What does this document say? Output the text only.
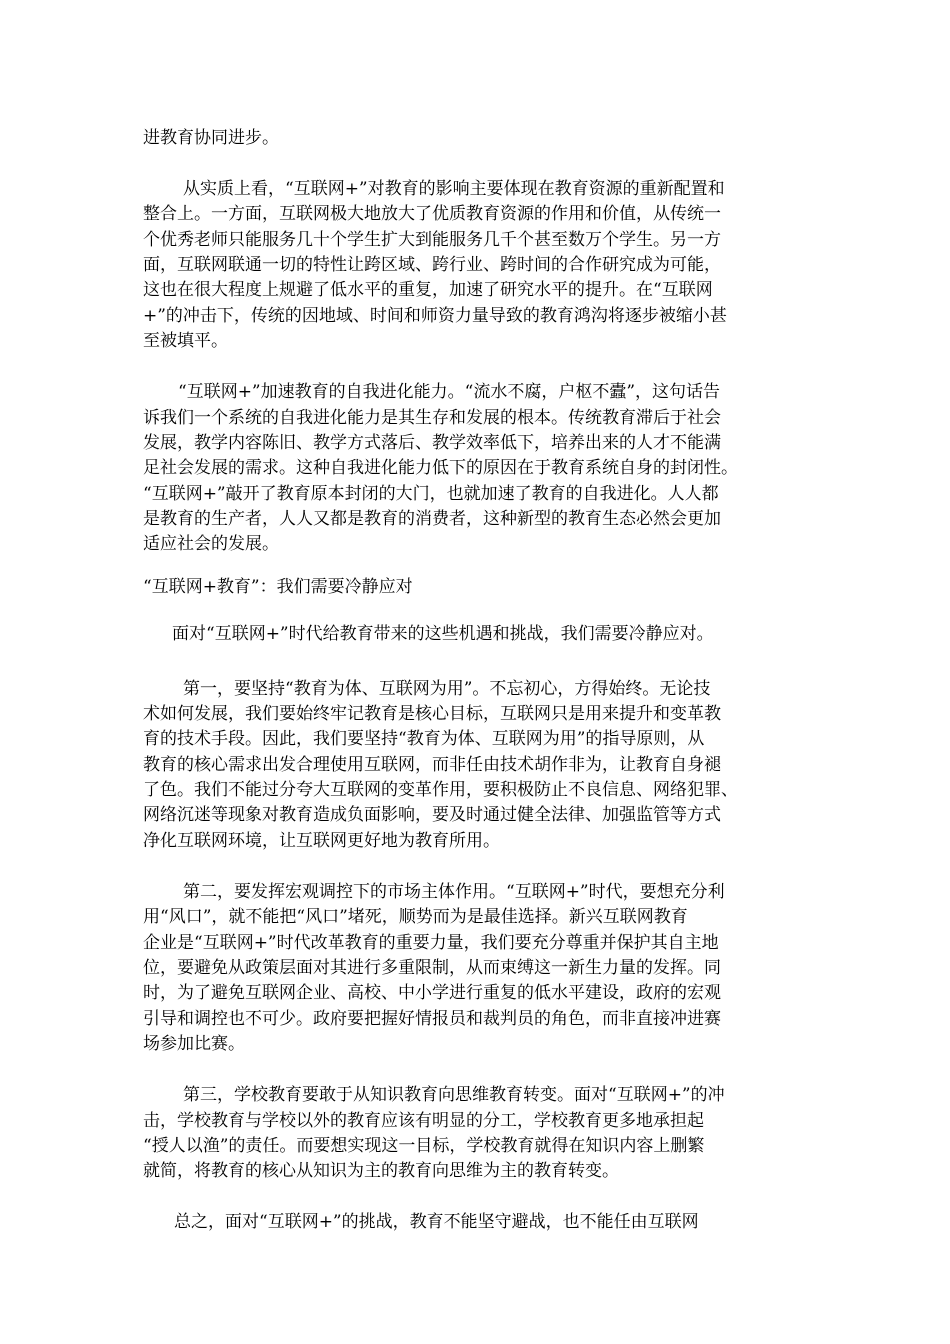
进教育协同进步。

从实质上看，“互联网+”对教育的影响主要体现在教育资源的重新配置和

整合上。一方面，互联网极大地放大了优质教育资源的作用和价值，从传统一

个优秀老师只能服务几十个学生扩大到能服务几千个甚至数万个学生。另一方

面，互联网联通一切的特性让跨区域、跨行业、跨时间的合作研究成为可能，

这也在很大程度上规避了低水平的重复，加速了研究水平的提升。在“互联网

+”的冲击下，传统的因地域、时间和师资力量导致的教育鸿沟将逐步被缩小甚

至被填平。

“互联网+”加速教育的自我进化能力。“流水不腐，户枢不蠹”，这句话告

诉我们一个系统的自我进化能力是其生存和发展的根本。传统教育滞后于社会

发展，教学内容陈旧、教学方式落后、教学效率低下，培养出来的人才不能满

足社会发展的需求。这种自我进化能力低下的原因在于教育系统自身的封闭性。

“互联网+”敲开了教育原本封闭的大门，也就加速了教育的自我进化。人人都

是教育的生产者，人人又都是教育的消费者，这种新型的教育生态必然会更加

适应社会的发展。

“互联网+教育”：我们需要冷静应对

面对“互联网+”时代给教育带来的这些机遇和挑战，我们需要冷静应对。

第一，要坚持“教育为体、互联网为用”。不忘初心，方得始终。无论技

术如何发展，我们要始终牢记教育是核心目标，互联网只是用来提升和变革教

育的技术手段。因此，我们要坚持“教育为体、互联网为用”的指导原则，从

教育的核心需求出发合理使用互联网，而非任由技术胡作非为，让教育自身褪

了色。我们不能过分夸大互联网的变革作用，要积极防止不良信息、网络犯罪、

网络沉迷等现象对教育造成负面影响，要及时通过健全法律、加强监管等方式

净化互联网环境，让互联网更好地为教育所用。

第二，要发挥宏观调控下的市场主体作用。“互联网+”时代，要想充分利

用“风口”，就不能把“风口”堵死，顺势而为是最佳选择。新兴互联网教育

企业是“互联网+”时代改革教育的重要力量，我们要充分尊重并保护其自主地

位，要避免从政策层面对其进行多重限制，从而束缚这一新生力量的发挥。同

时，为了避免互联网企业、高校、中小学进行重复的低水平建设，政府的宏观

引导和调控也不可少。政府要把握好情报员和裁判员的角色，而非直接冲进赛

场参加比赛。

第三，学校教育要敢于从知识教育向思维教育转变。面对“互联网+”的冲

击，学校教育与学校以外的教育应该有明显的分工，学校教育更多地承担起

“授人以渔”的责任。而要想实现这一目标，学校教育就得在知识内容上删繁

就简，将教育的核心从知识为主的教育向思维为主的教育转变。

总之，面对“互联网+”的挑战，教育不能坚守避战，也不能任由互联网
